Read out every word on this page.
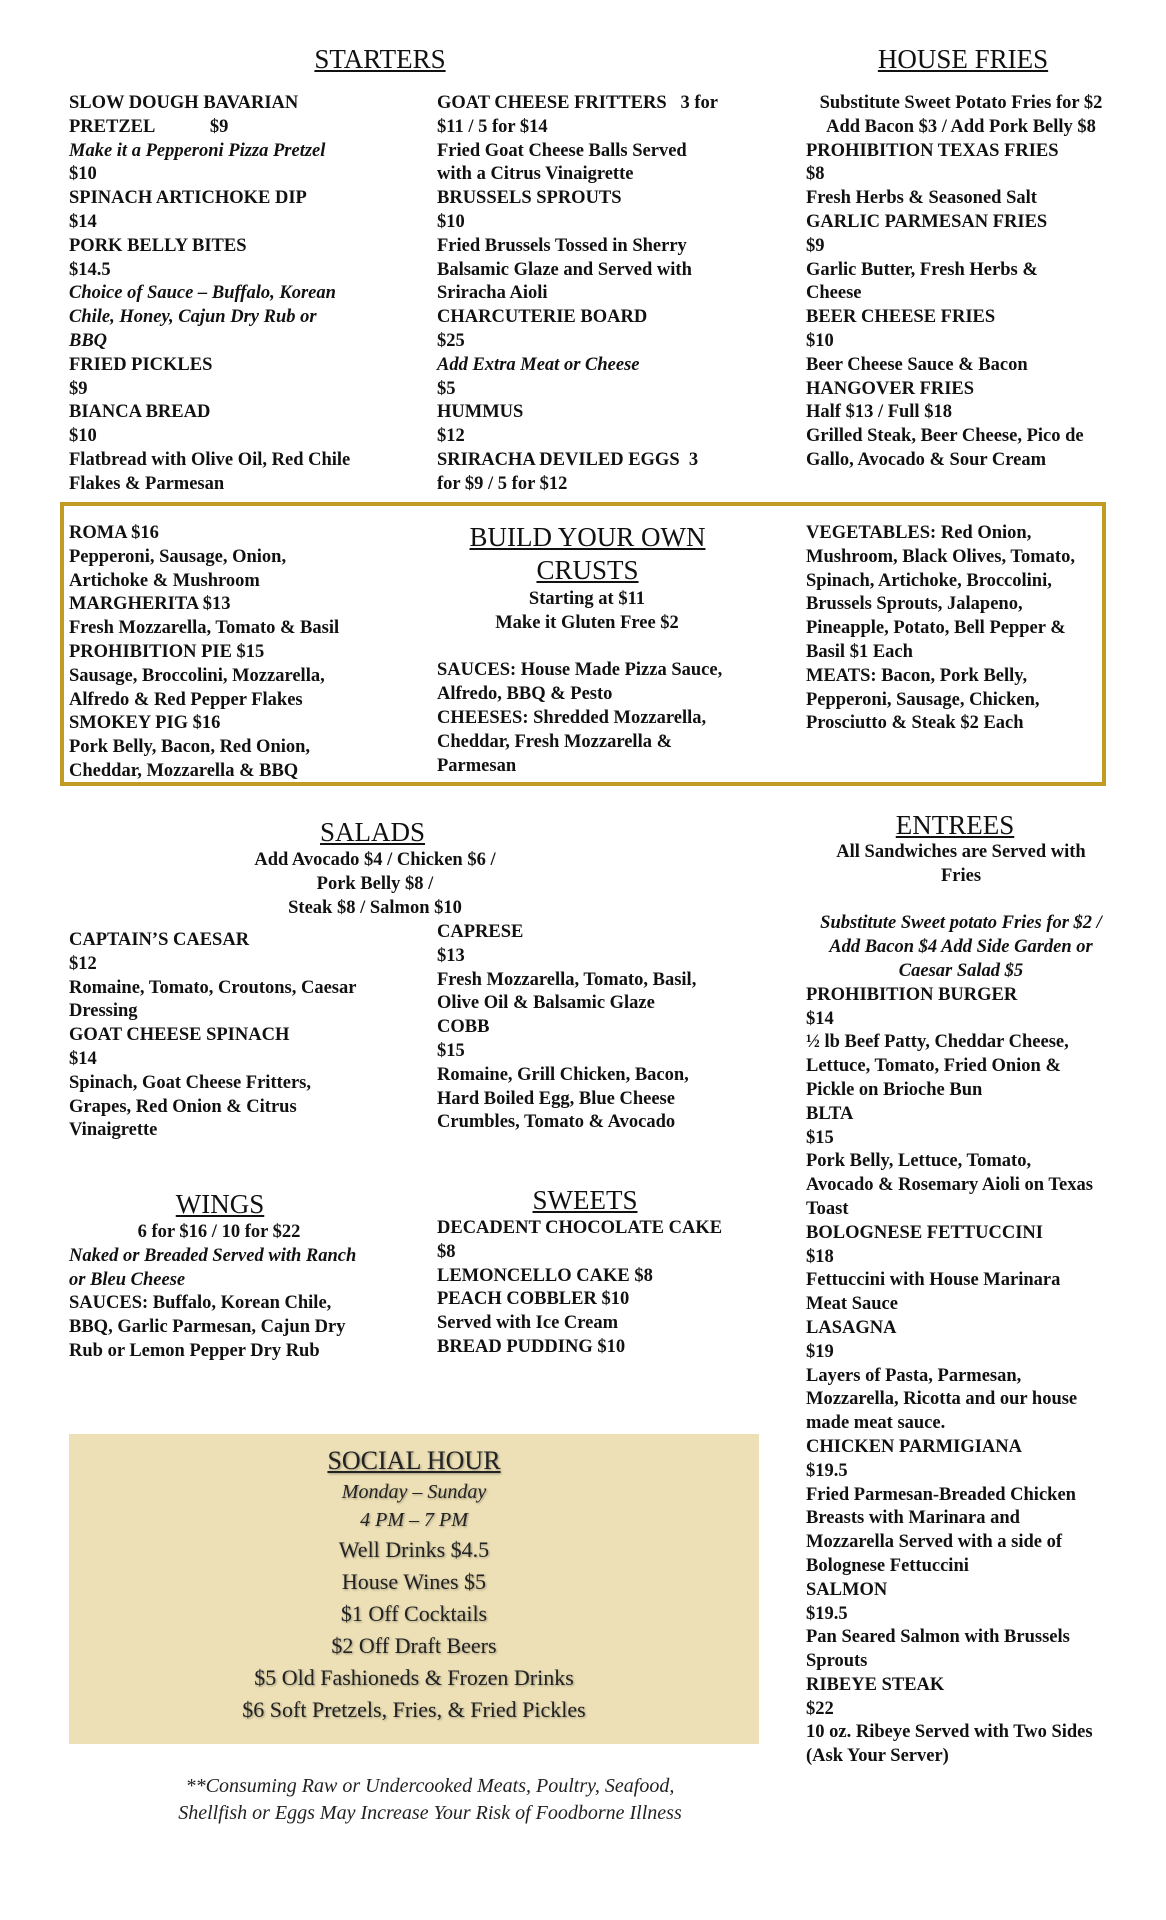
STARTERS
SLOW DOUGH BAVARIAN
PRETZEL            $9
Make it a Pepperoni Pizza Pretzel
$10
SPINACH ARTICHOKE DIP
$14
PORK BELLY BITES
$14.5
Choice of Sauce – Buffalo, Korean
Chile, Honey, Cajun Dry Rub or
BBQ
FRIED PICKLES
$9
BIANCA BREAD
$10
Flatbread with Olive Oil, Red Chile
Flakes & Parmesan
GOAT CHEESE FRITTERS   3 for
$11 / 5 for $14
Fried Goat Cheese Balls Served
with a Citrus Vinaigrette
BRUSSELS SPROUTS
$10
Fried Brussels Tossed in Sherry
Balsamic Glaze and Served with
Sriracha Aioli
CHARCUTERIE BOARD
$25
Add Extra Meat or Cheese
$5
HUMMUS
$12
SRIRACHA DEVILED EGGS  3
for $9 / 5 for $12
HOUSE FRIES
Substitute Sweet Potato Fries for $2
Add Bacon $3 / Add Pork Belly $8
PROHIBITION TEXAS FRIES
$8
Fresh Herbs & Seasoned Salt
GARLIC PARMESAN FRIES
$9
Garlic Butter, Fresh Herbs &
Cheese
BEER CHEESE FRIES
$10
Beer Cheese Sauce & Bacon
HANGOVER FRIES
Half $13 / Full $18
Grilled Steak, Beer Cheese, Pico de
Gallo, Avocado & Sour Cream
ROMA $16
Pepperoni, Sausage, Onion,
Artichoke & Mushroom
MARGHERITA $13
Fresh Mozzarella, Tomato & Basil
PROHIBITION PIE $15
Sausage, Broccolini, Mozzarella,
Alfredo & Red Pepper Flakes
SMOKEY PIG $16
Pork Belly, Bacon, Red Onion,
Cheddar, Mozzarella & BBQ
BUILD YOUR OWN
CRUSTS
Starting at $11
Make it Gluten Free $2
SAUCES: House Made Pizza Sauce,
Alfredo, BBQ & Pesto
CHEESES: Shredded Mozzarella,
Cheddar, Fresh Mozzarella &
Parmesan
VEGETABLES: Red Onion,
Mushroom, Black Olives, Tomato,
Spinach, Artichoke, Broccolini,
Brussels Sprouts, Jalapeno,
Pineapple, Potato, Bell Pepper &
Basil $1 Each
MEATS: Bacon, Pork Belly,
Pepperoni, Sausage, Chicken,
Prosciutto & Steak $2 Each
SALADS
Add Avocado $4 / Chicken $6 /
Pork Belly $8 /
Steak $8 / Salmon $10
CAPTAIN’S CAESAR
$12
Romaine, Tomato, Croutons, Caesar
Dressing
GOAT CHEESE SPINACH
$14
Spinach, Goat Cheese Fritters,
Grapes, Red Onion & Citrus
Vinaigrette
CAPRESE
$13
Fresh Mozzarella, Tomato, Basil,
Olive Oil & Balsamic Glaze
COBB
$15
Romaine, Grill Chicken, Bacon,
Hard Boiled Egg, Blue Cheese
Crumbles, Tomato & Avocado
ENTREES
All Sandwiches are Served with
Fries
Substitute Sweet potato Fries for $2 /
Add Bacon $4 Add Side Garden or
Caesar Salad $5
PROHIBITION BURGER
$14
½ lb Beef Patty, Cheddar Cheese,
Lettuce, Tomato, Fried Onion &
Pickle on Brioche Bun
BLTA
$15
Pork Belly, Lettuce, Tomato,
Avocado & Rosemary Aioli on Texas
Toast
BOLOGNESE FETTUCCINI
$18
Fettuccini with House Marinara
Meat Sauce
LASAGNA
$19
Layers of Pasta, Parmesan,
Mozzarella, Ricotta and our house
made meat sauce.
CHICKEN PARMIGIANA
$19.5
Fried Parmesan-Breaded Chicken
Breasts with Marinara and
Mozzarella Served with a side of
Bolognese Fettuccini
SALMON
$19.5
Pan Seared Salmon with Brussels
Sprouts
RIBEYE STEAK
$22
10 oz. Ribeye Served with Two Sides
(Ask Your Server)
WINGS
6 for $16 / 10 for $22
Naked or Breaded Served with Ranch
or Bleu Cheese
SAUCES: Buffalo, Korean Chile,
BBQ, Garlic Parmesan, Cajun Dry
Rub or Lemon Pepper Dry Rub
SWEETS
DECADENT CHOCOLATE CAKE
$8
LEMONCELLO CAKE $8
PEACH COBBLER $10
Served with Ice Cream
BREAD PUDDING $10
SOCIAL HOUR
Monday – Sunday
4 PM – 7 PM
Well Drinks $4.5
House Wines $5
$1 Off Cocktails
$2 Off Draft Beers
$5 Old Fashioneds & Frozen Drinks
$6 Soft Pretzels, Fries, & Fried Pickles
**Consuming Raw or Undercooked Meats, Poultry, Seafood,
Shellfish or Eggs May Increase Your Risk of Foodborne Illness
